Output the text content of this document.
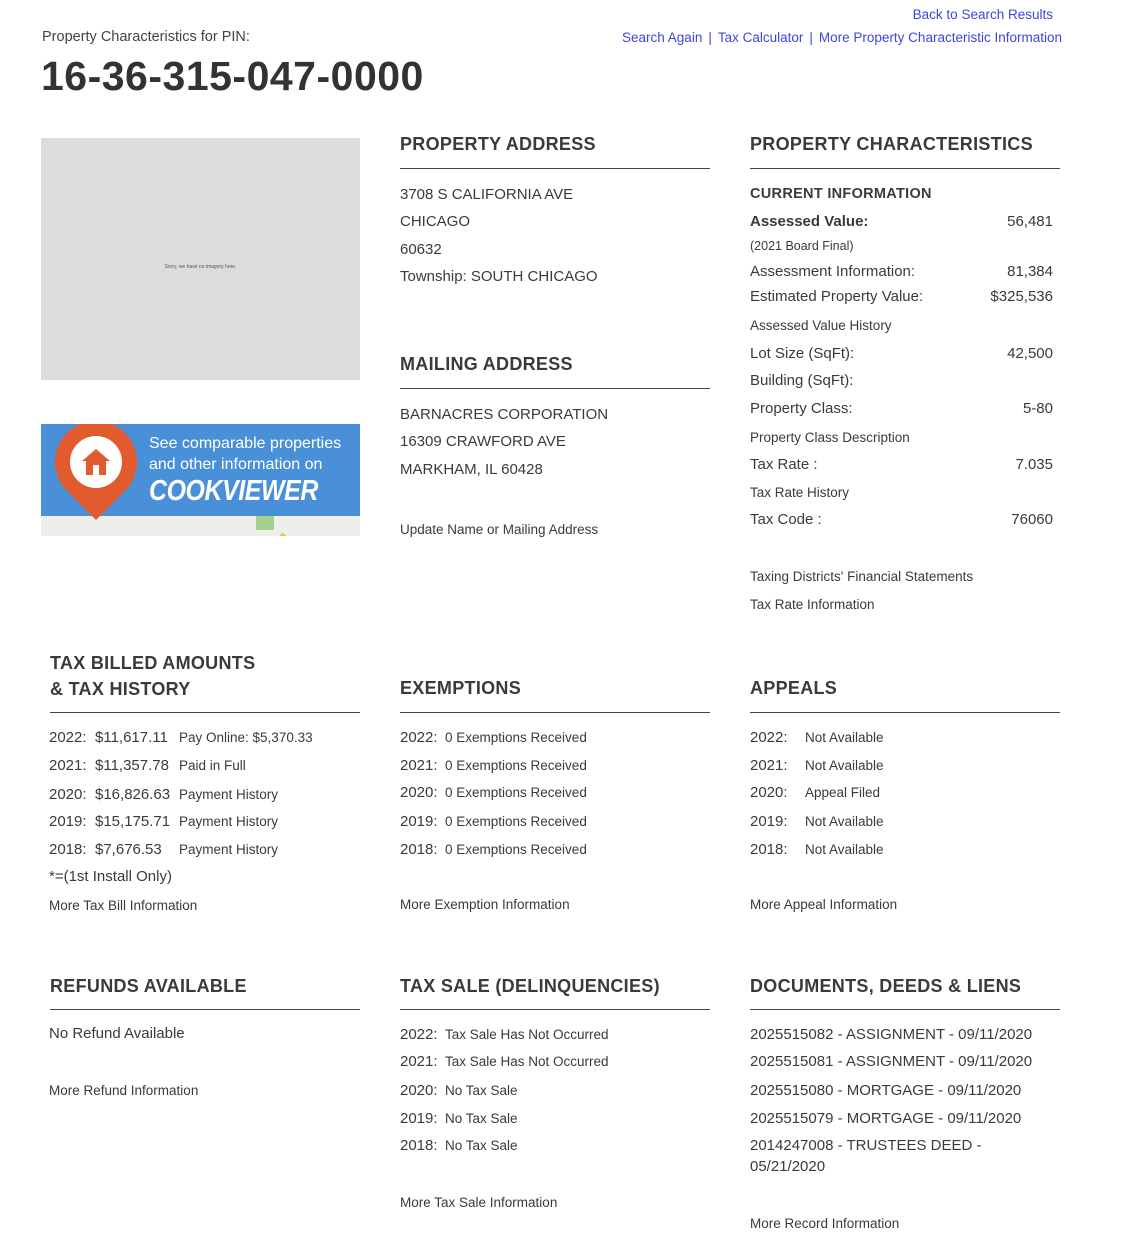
Back to Search Results
Search Again | Tax Calculator | More Property Characteristic Information
Property Characteristics for PIN:
16-36-315-047-0000
Sorry, we have no imagery here.
See comparable properties
and other information on
COOKVIEWER
PROPERTY ADDRESS
3708 S CALIFORNIA AVE
CHICAGO
60632
Township: SOUTH CHICAGO
MAILING ADDRESS
BARNACRES CORPORATION
16309 CRAWFORD AVE
MARKHAM, IL 60428
Update Name or Mailing Address
PROPERTY CHARACTERISTICS
CURRENT INFORMATION
Assessed Value:	56,481
(2021 Board Final)
Assessment Information:	81,384
Estimated Property Value:	$325,536
Assessed Value History
Lot Size (SqFt):	42,500
Building (SqFt):
Property Class:	5-80
Property Class Description
Tax Rate :	7.035
Tax Rate History
Tax Code :	76060
Taxing Districts' Financial Statements
Tax Rate Information
TAX BILLED AMOUNTS
& TAX HISTORY
2022: $11,617.11 Pay Online: $5,370.33
2021: $11,357.78 Paid in Full
2020: $16,826.63 Payment History
2019: $15,175.71 Payment History
2018: $7,676.53 Payment History
*=(1st Install Only)
More Tax Bill Information
EXEMPTIONS
2022: 0 Exemptions Received
2021: 0 Exemptions Received
2020: 0 Exemptions Received
2019: 0 Exemptions Received
2018: 0 Exemptions Received
More Exemption Information
APPEALS
2022: Not Available
2021: Not Available
2020: Appeal Filed
2019: Not Available
2018: Not Available
More Appeal Information
REFUNDS AVAILABLE
No Refund Available
More Refund Information
TAX SALE (DELINQUENCIES)
2022: Tax Sale Has Not Occurred
2021: Tax Sale Has Not Occurred
2020: No Tax Sale
2019: No Tax Sale
2018: No Tax Sale
More Tax Sale Information
DOCUMENTS, DEEDS & LIENS
2025515082 - ASSIGNMENT - 09/11/2020
2025515081 - ASSIGNMENT - 09/11/2020
2025515080 - MORTGAGE - 09/11/2020
2025515079 - MORTGAGE - 09/11/2020
2014247008 - TRUSTEES DEED -
05/21/2020
More Record Information
